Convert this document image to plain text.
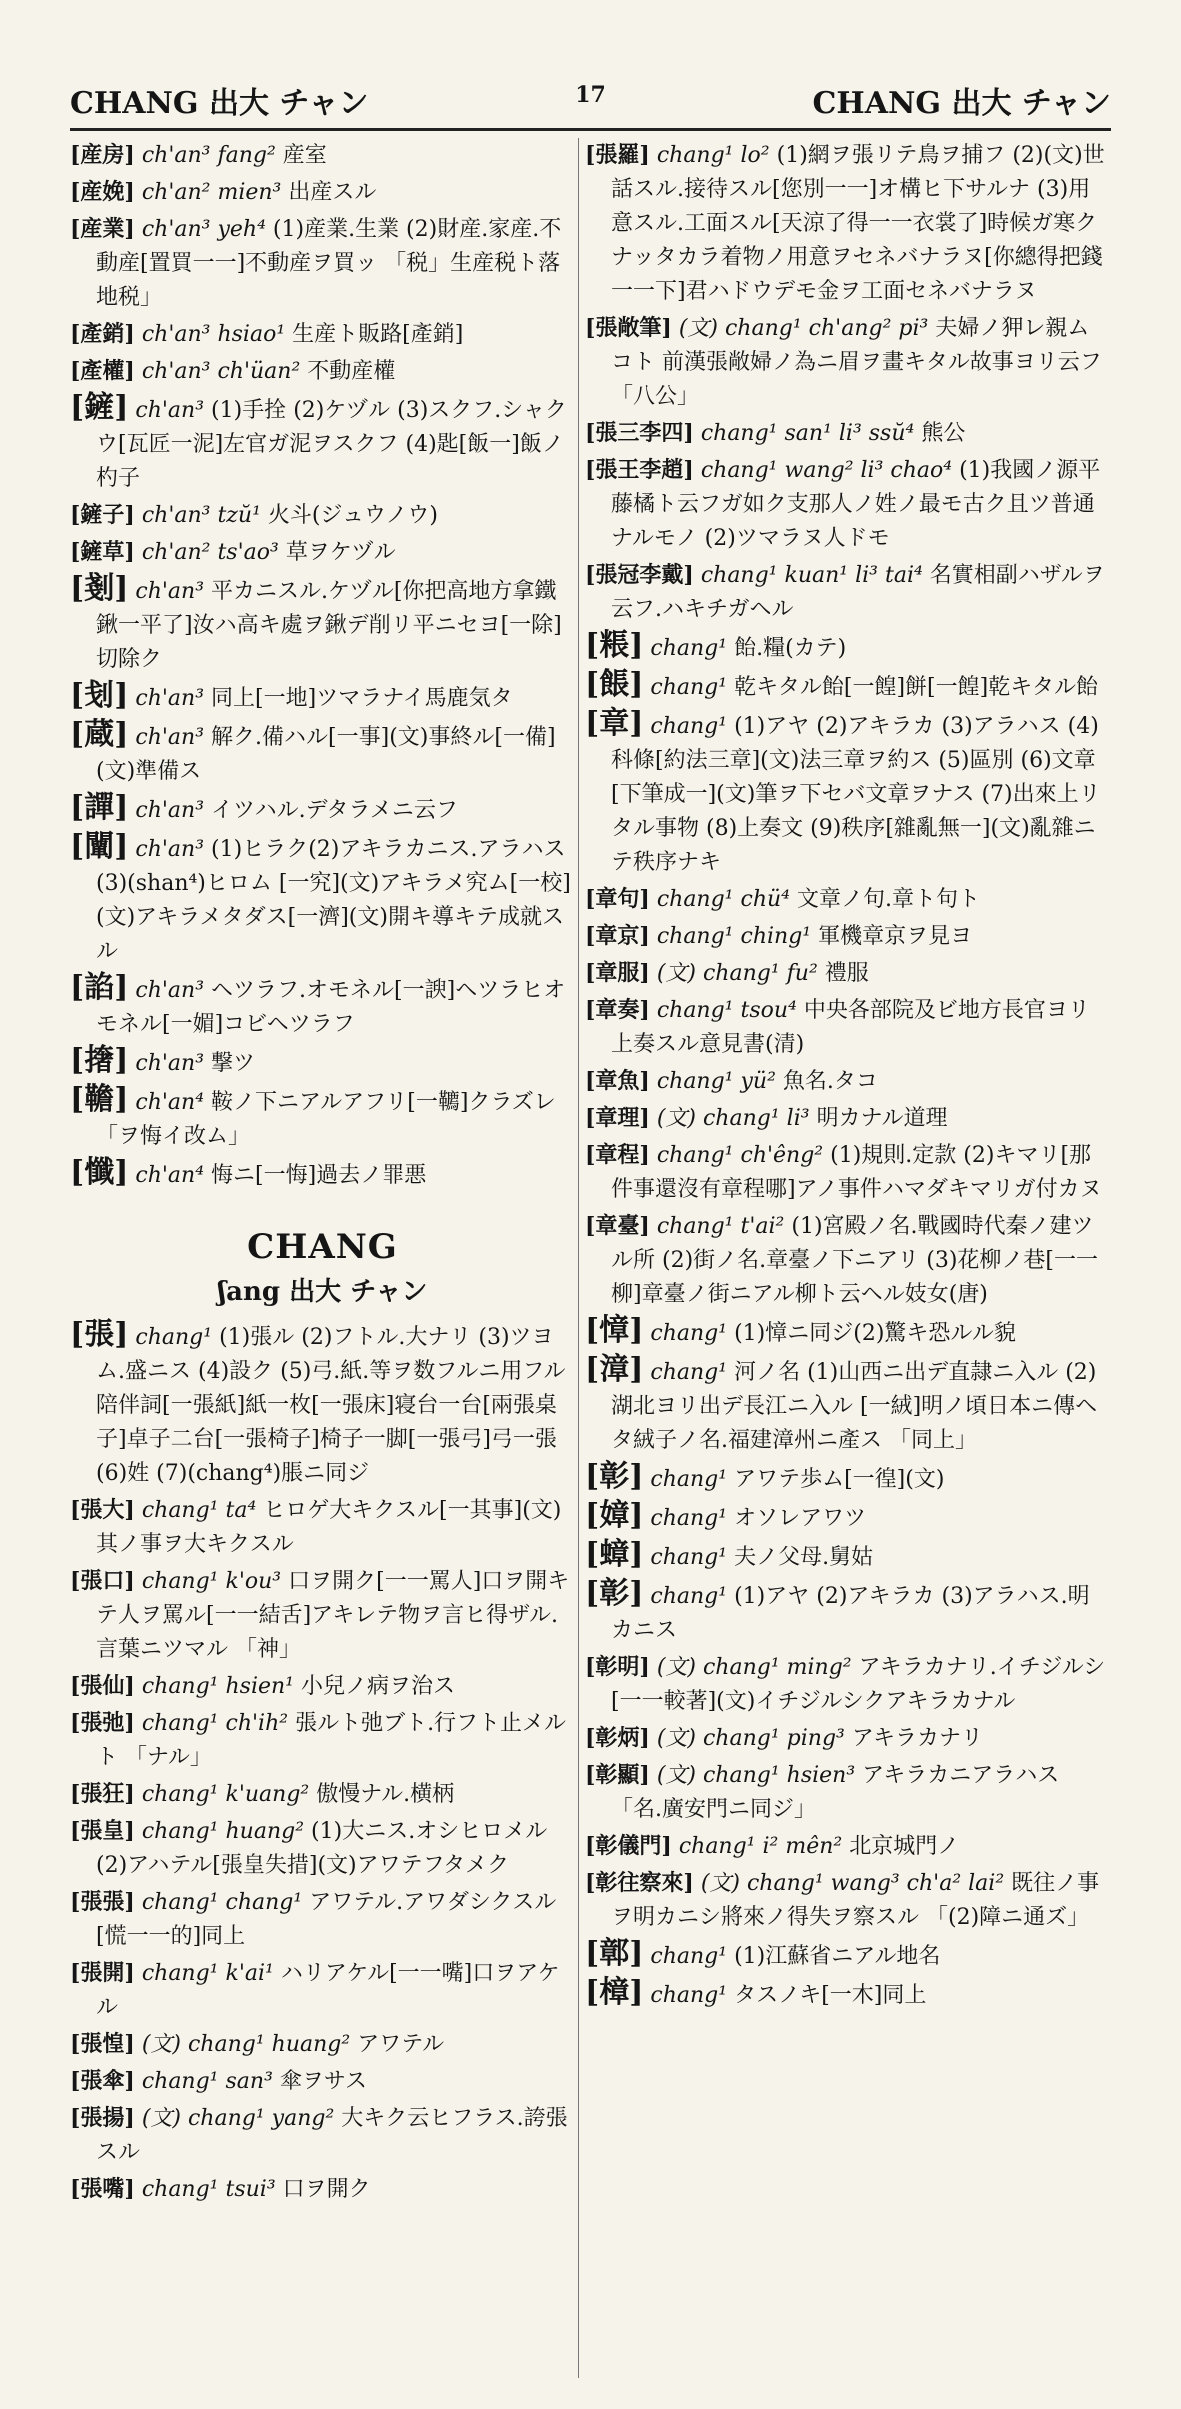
CHANG 出大 チャン	17	CHANG 出大 チャン
[産房] ch'an³ fang² 産室
[産娩] ch'an² mien³ 出産スル
[産業] ch'an³ yeh⁴ (1)産業.生業 (2)財産.家産.不動産[置買一一]不動産ヲ買ッ 「税」生産税ト落地税」
[產銷] ch'an³ hsiao¹ 生産ト販路[產銷]
[產權] ch'an³ ch'üan² 不動産權
[鏟] ch'an³ (1)手拴 (2)ケヅル (3)スクフ.シャクウ[瓦匠一泥]左官ガ泥ヲスクフ (4)匙[飯一]飯ノ杓子
[鏟子] ch'an³ tzŭ¹ 火斗(ジュウノウ)
[鏟草] ch'an² ts'ao³ 草ヲケヅル
[剗] ch'an³ 平カニスル.ケヅル[你把高地方拿鐵鍬一平了]汝ハ高キ處ヲ鍬デ削リ平ニセヨ[一除]切除ク
[刬] ch'an³ 同上[一地]ツマラナイ馬鹿気タ
[蔵] ch'an³ 解ク.備ハル[一事](文)事終ル[一備](文)準備ス
[譂] ch'an³ イツハル.デタラメニ云フ
[闡] ch'an³ (1)ヒラク(2)アキラカニス.アラハス (3)(shan⁴)ヒロム [一究](文)アキラメ究ム[一校](文)アキラメタダス[一濟](文)開キ導キテ成就スル
[諂] ch'an³ ヘツラフ.オモネル[一諛]ヘツラヒオモネル[一媚]コビヘツラフ
[撦] ch'an³ 撃ツ
[韂] ch'an⁴ 鞍ノ下ニアルアフリ[一韀]クラズレ 「ヲ悔イ改ム」
[懺] ch'an⁴ 悔ニ[一悔]過去ノ罪悪
CHANG
ʃang 出大 チャン
[張] chang¹ (1)張ル (2)フトル.大ナリ (3)ツヨム.盛ニス (4)設ク (5)弓.紙.等ヲ数フルニ用フル陪伴詞[一張紙]紙一枚[一張床]寝台一台[兩張桌子]卓子二台[一張椅子]椅子一脚[一張弓]弓一張 (6)姓 (7)(chang⁴)脹ニ同ジ
[張大] chang¹ ta⁴ ヒロゲ大キクスル[一其事](文)其ノ事ヲ大キクスル
[張口] chang¹ k'ou³ 口ヲ開ク[一一罵人]口ヲ開キテ人ヲ罵ル[一一結舌]アキレテ物ヲ言ヒ得ザル.言葉ニツマル 「神」
[張仙] chang¹ hsien¹ 小兒ノ病ヲ治ス
[張弛] chang¹ ch'ih² 張ルト弛ブト.行フト止メルト 「ナル」
[張狂] chang¹ k'uang² 傲慢ナル.横柄
[張皇] chang¹ huang² (1)大ニス.オシヒロメル (2)アハテル[張皇失措](文)アワテフタメク
[張張] chang¹ chang¹ アワテル.アワダシクスル[慌一一的]同上
[張開] chang¹ k'ai¹ ハリアケル[一一嘴]口ヲアケル
[張惶] (文) chang¹ huang² アワテル
[張傘] chang¹ san³ 傘ヲサス
[張揚] (文) chang¹ yang² 大キク云ヒフラス.誇張スル
[張嘴] chang¹ tsui³ 口ヲ開ク
[張羅] chang¹ lo² (1)網ヲ張リテ鳥ヲ捕フ (2)(文)世話スル.接待スル[您別一一]オ構ヒ下サルナ (3)用意スル.工面スル[天涼了得一一衣裳了]時候ガ寒クナッタカラ着物ノ用意ヲセネバナラヌ[你總得把錢一一下]君ハドウデモ金ヲ工面セネバナラヌ
[張敞筆] (文) chang¹ ch'ang² pi³ 夫婦ノ狎レ親ムコト 前漢張敞婦ノ為ニ眉ヲ畫キタル故事ヨリ云フ 「八公」
[張三李四] chang¹ san¹ li³ ssŭ⁴ 熊公
[張王李趙] chang¹ wang² li³ chao⁴ (1)我國ノ源平藤橘ト云フガ如ク支那人ノ姓ノ最モ古ク且ツ普通ナルモノ (2)ツマラヌ人ドモ
[張冠李戴] chang¹ kuan¹ li³ tai⁴ 名實相副ハザルヲ云フ.ハキチガヘル
[粻] chang¹ 飴.糧(カテ)
[餦] chang¹ 乾キタル飴[一餭]餅[一餭]乾キタル飴
[章] chang¹ (1)アヤ (2)アキラカ (3)アラハス (4)科條[約法三章](文)法三章ヲ約ス (5)區別 (6)文章[下筆成一](文)筆ヲ下セバ文章ヲナス (7)出來上リタル事物 (8)上奏文 (9)秩序[雜亂無一](文)亂雜ニテ秩序ナキ
[章句] chang¹ chü⁴ 文章ノ句.章ト句ト
[章京] chang¹ ching¹ 軍機章京ヲ見ヨ
[章服] (文) chang¹ fu² 禮服
[章奏] chang¹ tsou⁴ 中央各部院及ビ地方長官ヨリ上奏スル意見書(清)
[章魚] chang¹ yü² 魚名.タコ
[章理] (文) chang¹ li³ 明カナル道理
[章程] chang¹ ch'êng² (1)規則.定款 (2)キマリ[那件事還沒有章程哪]アノ事件ハマダキマリガ付カヌ
[章臺] chang¹ t'ai² (1)宮殿ノ名.戰國時代秦ノ建ツル所 (2)街ノ名.章臺ノ下ニアリ (3)花柳ノ巷[一一柳]章臺ノ街ニアル柳ト云ヘル妓女(唐)
[慞] chang¹ (1)慞ニ同ジ(2)驚キ恐ルル貌
[漳] chang¹ 河ノ名 (1)山西ニ出デ直隷ニ入ル (2)湖北ヨリ出デ長江ニ入ル [一絨]明ノ頃日本ニ傳ヘタ絨子ノ名.福建漳州ニ產ス 「同上」
[彰] chang¹ アワテ歩ム[一徨](文)
[嫜] chang¹ オソレアワツ
[蟑] chang¹ 夫ノ父母.舅姑
[彰] chang¹ (1)アヤ (2)アキラカ (3)アラハス.明カニス
[彰明] (文) chang¹ ming² アキラカナリ.イチジルシ[一一較著](文)イチジルシクアキラカナル
[彰炳] (文) chang¹ ping³ アキラカナリ
[彰顯] (文) chang¹ hsien³ アキラカニアラハス 「名.廣安門ニ同ジ」
[彰儀門] chang¹ i² mên² 北京城門ノ
[彰往察來] (文) chang¹ wang³ ch'a² lai² 既往ノ事ヲ明カニシ將來ノ得失ヲ察スル 「(2)障ニ通ズ」
[鄣] chang¹ (1)江蘇省ニアル地名
[樟] chang¹ タスノキ[一木]同上
